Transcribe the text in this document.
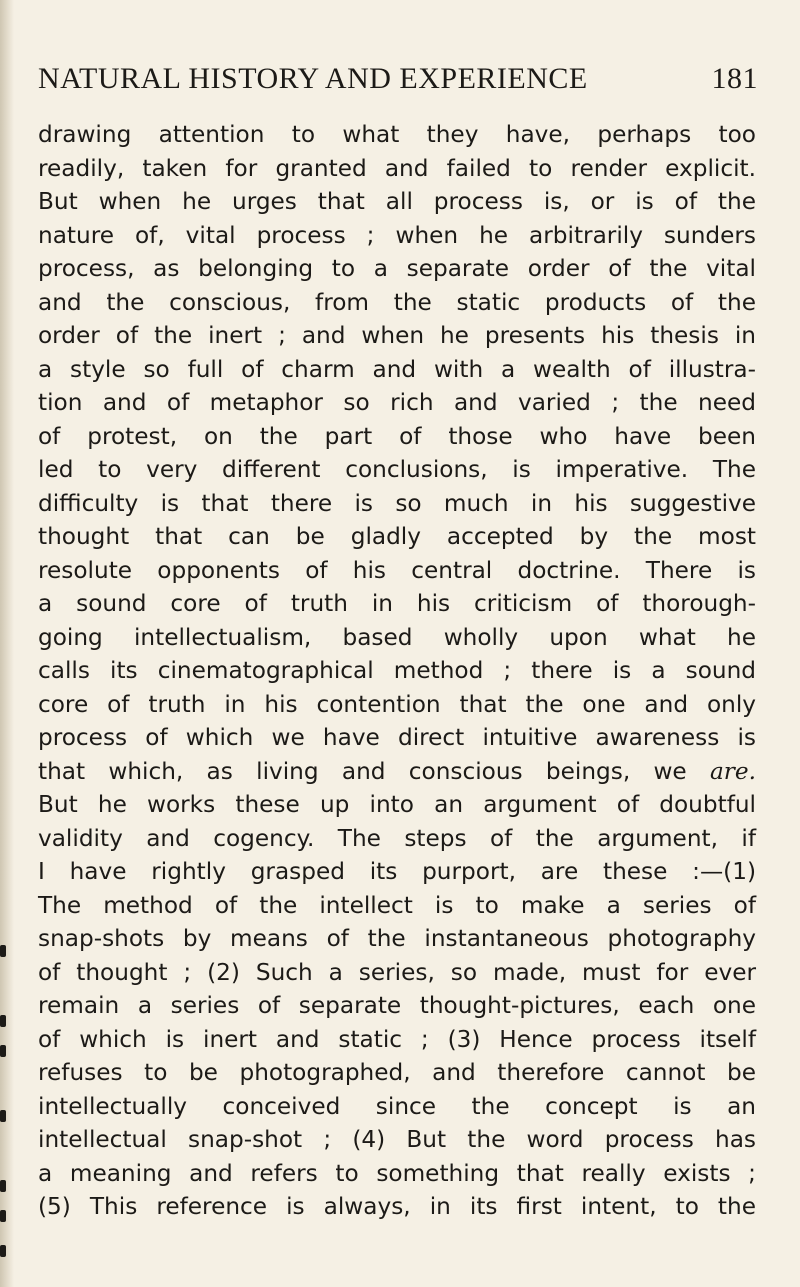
NATURAL HISTORY AND EXPERIENCE	181
drawing attention to what they have, perhaps too
readily, taken for granted and failed to render explicit.
But when he urges that all process is, or is of the
nature of, vital process ; when he arbitrarily sunders
process, as belonging to a separate order of the vital
and the conscious, from the static products of the
order of the inert ; and when he presents his thesis in
a style so full of charm and with a wealth of illustra-
tion and of metaphor so rich and varied ; the need
of protest, on the part of those who have been
led to very different conclusions, is imperative. The
difficulty is that there is so much in his suggestive
thought that can be gladly accepted by the most
resolute opponents of his central doctrine. There is
a sound core of truth in his criticism of thorough-
going intellectualism, based wholly upon what he
calls its cinematographical method ; there is a sound
core of truth in his contention that the one and only
process of which we have direct intuitive awareness is
that which, as living and conscious beings, we are.
But he works these up into an argument of doubtful
validity and cogency. The steps of the argument, if
I have rightly grasped its purport, are these :—(1)
The method of the intellect is to make a series of
snap-shots by means of the instantaneous photography
of thought ; (2) Such a series, so made, must for ever
remain a series of separate thought-pictures, each one
of which is inert and static ; (3) Hence process itself
refuses to be photographed, and therefore cannot be
intellectually conceived since the concept is an
intellectual snap-shot ; (4) But the word process has
a meaning and refers to something that really exists ;
(5) This reference is always, in its first intent, to the
